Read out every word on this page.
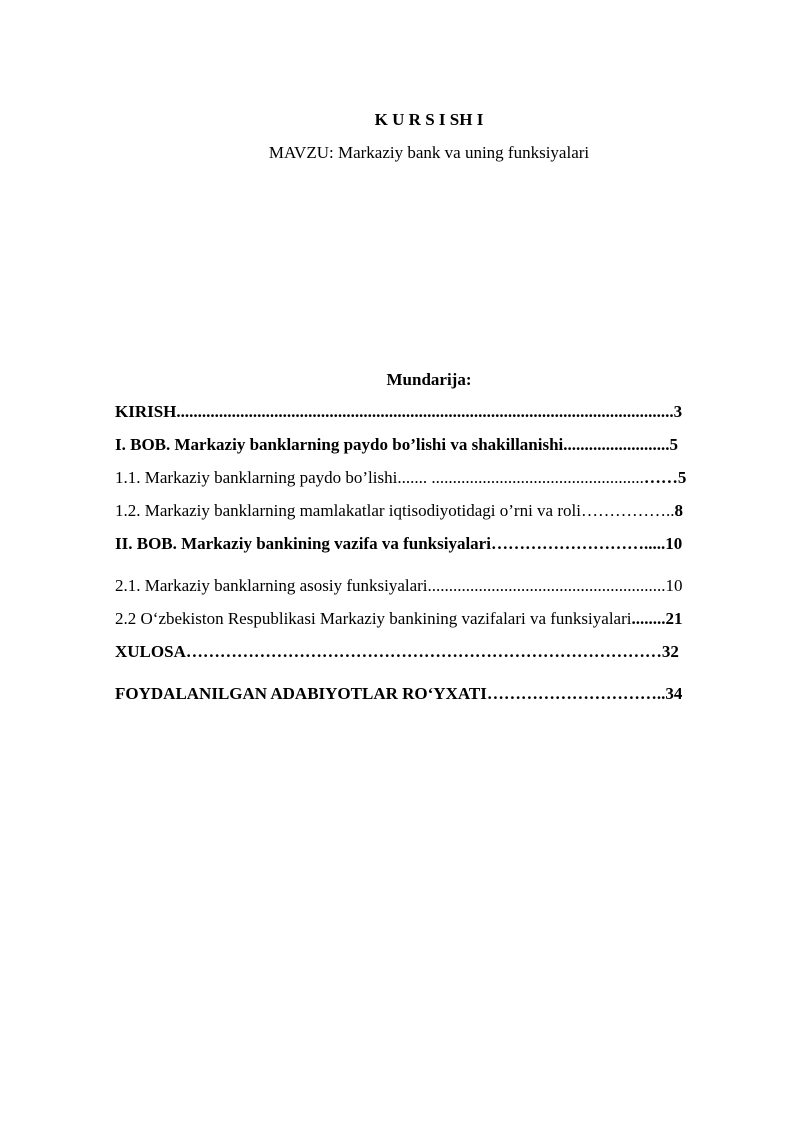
K U R S I SH I
MAVZU: Markaziy bank va uning funksiyalari
Mundarija:
KIRISH.....................................................................................................................3
I. BOB. Markaziy banklarning paydo bo’lishi va shakillanishi.........................5
1.1. Markaziy banklarning paydo bo’lishi....... ..................................................……5
1.2. Markaziy banklarning mamlakatlar iqtisodiyotidagi o’rni va roli……………..8
II. BOB. Markaziy bankining vazifa va funksiyalari……………………….....10
2.1. Markaziy banklarning asosiy funksiyalari........................................................10
2.2 O‘zbekiston Respublikasi Markaziy bankining vazifalari va funksiyalari........21
XULOSA…………………………………………………………………………32
FOYDALANILGAN ADABIYOTLAR RO‘YXATI…………………………..34
